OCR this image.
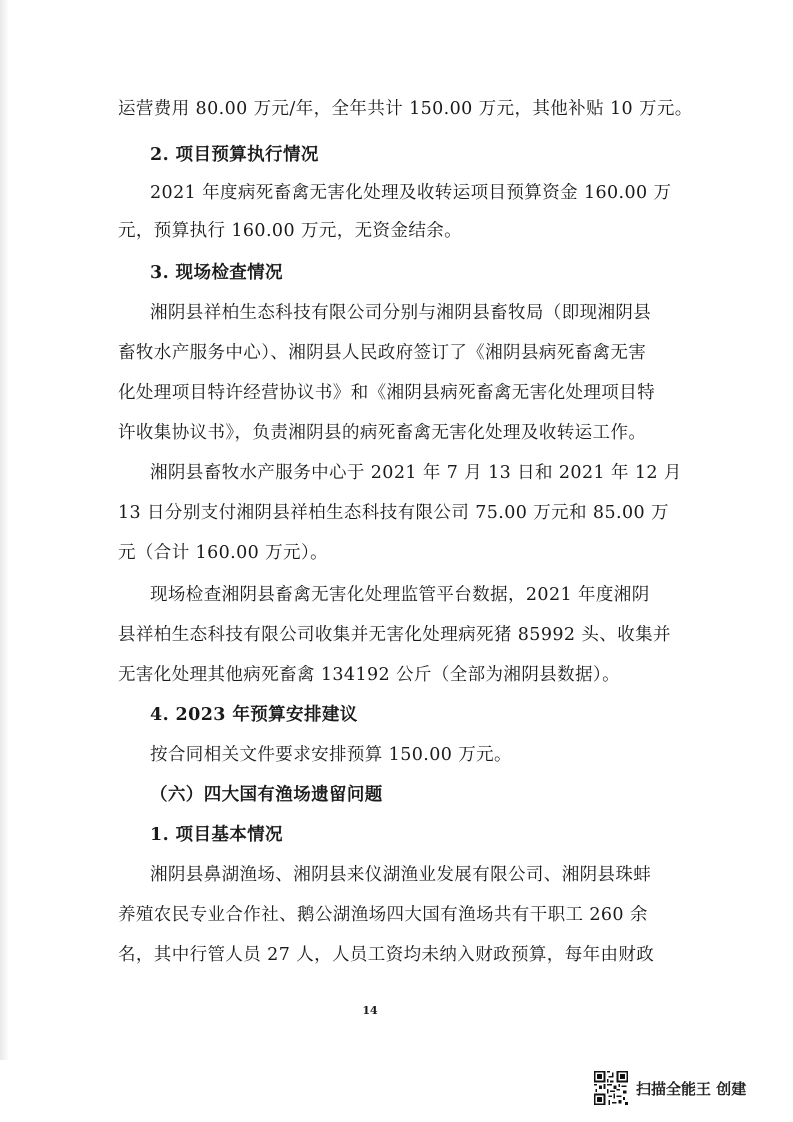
运营费用 80.00 万元/年，全年共计 150.00 万元，其他补贴 10 万元。
2. 项目预算执行情况
2021 年度病死畜禽无害化处理及收转运项目预算资金 160.00 万
元，预算执行 160.00 万元，无资金结余。
3. 现场检查情况
湘阴县祥柏生态科技有限公司分别与湘阴县畜牧局（即现湘阴县
畜牧水产服务中心）、湘阴县人民政府签订了《湘阴县病死畜禽无害
化处理项目特许经营协议书》和《湘阴县病死畜禽无害化处理项目特
许收集协议书》，负责湘阴县的病死畜禽无害化处理及收转运工作。
湘阴县畜牧水产服务中心于 2021 年 7 月 13 日和 2021 年 12 月
13 日分别支付湘阴县祥柏生态科技有限公司 75.00 万元和 85.00 万
元（合计 160.00 万元）。
现场检查湘阴县畜禽无害化处理监管平台数据，2021 年度湘阴
县祥柏生态科技有限公司收集并无害化处理病死猪 85992 头、收集并
无害化处理其他病死畜禽 134192 公斤（全部为湘阴县数据）。
4. 2023 年预算安排建议
按合同相关文件要求安排预算 150.00 万元。
（六）四大国有渔场遗留问题
1. 项目基本情况
湘阴县鼻湖渔场、湘阴县来仪湖渔业发展有限公司、湘阴县珠蚌
养殖农民专业合作社、鹅公湖渔场四大国有渔场共有干职工 260 余
名，其中行管人员 27 人，人员工资均未纳入财政预算，每年由财政
14
扫描全能王 创建
